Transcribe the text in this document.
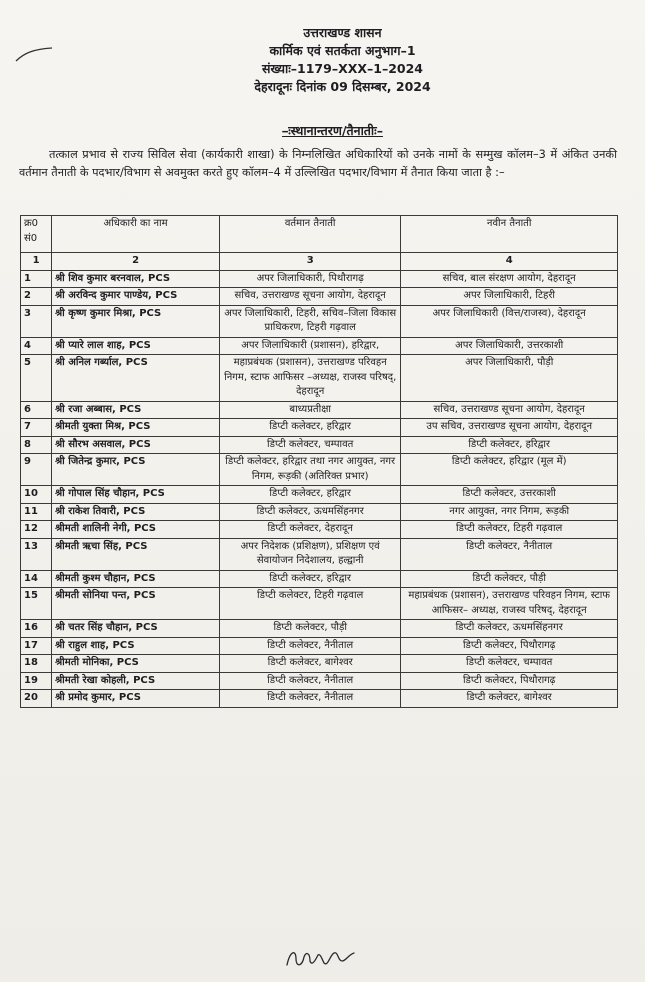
उत्तराखण्ड शासन
कार्मिक एवं सतर्कता अनुभाग–1
संख्याः–1179–XXX–1–2024
देहरादूनः दिनांक 09 दिसम्बर, 2024
–ःस्थानान्तरण/तैनातीः–
तत्काल प्रभाव से राज्य सिविल सेवा (कार्यकारी शाखा) के निम्नलिखित अधिकारियों को उनके नामों के सम्मुख कॉलम–3 में अंकित उनकी वर्तमान तैनाती के पदभार/विभाग से अवमुक्त करते हुए कॉलम–4 में उल्लिखित पदभार/विभाग में तैनात किया जाता है :–
क्र0 सं0	अधिकारी का नाम	वर्तमान तैनाती	नवीन तैनाती
1	2	3	4
1	श्री शिव कुमार बरनवाल, PCS	अपर जिलाधिकारी, पिथौरागढ़	सचिव, बाल संरक्षण आयोग, देहरादून
2	श्री अरविन्द कुमार पाण्डेय, PCS	सचिव, उत्तराखण्ड सूचना आयोग, देहरादून	अपर जिलाधिकारी, टिहरी
3	श्री कृष्ण कुमार मिश्रा, PCS	अपर जिलाधिकारी, टिहरी, सचिव–जिला विकास प्राधिकरण, टिहरी गढ़वाल	अपर जिलाधिकारी (वित्त/राजस्व), देहरादून
4	श्री प्यारे लाल शाह, PCS	अपर जिलाधिकारी (प्रशासन), हरिद्वार,	अपर जिलाधिकारी, उत्तरकाशी
5	श्री अनिल गर्ब्याल, PCS	महाप्रबंधक (प्रशासन), उत्तराखण्ड परिवहन निगम, स्टाफ आफिसर –अध्यक्ष, राजस्व परिषद्, देहरादून	अपर जिलाधिकारी, पौड़ी
6	श्री रजा अब्बास, PCS	बाध्यप्रतीक्षा	सचिव, उत्तराखण्ड सूचना आयोग, देहरादून
7	श्रीमती युक्ता मिश्र, PCS	डिप्टी कलेक्टर, हरिद्वार	उप सचिव, उत्तराखण्ड सूचना आयोग, देहरादून
8	श्री सौरभ असवाल, PCS	डिप्टी कलेक्टर, चम्पावत	डिप्टी कलेक्टर, हरिद्वार
9	श्री जितेन्द्र कुमार, PCS	डिप्टी कलेक्टर, हरिद्वार तथा नगर आयुक्त, नगर निगम, रूड़की (अतिरिक्त प्रभार)	डिप्टी कलेक्टर, हरिद्वार (मूल में)
10	श्री गोपाल सिंह चौहान, PCS	डिप्टी कलेक्टर, हरिद्वार	डिप्टी कलेक्टर, उत्तरकाशी
11	श्री राकेश तिवारी, PCS	डिप्टी कलेक्टर, ऊधमसिंहनगर	नगर आयुक्त, नगर निगम, रूड़की
12	श्रीमती शालिनी नेगी, PCS	डिप्टी कलेक्टर, देहरादून	डिप्टी कलेक्टर, टिहरी गढ़वाल
13	श्रीमती ऋचा सिंह, PCS	अपर निदेशक (प्रशिक्षण), प्रशिक्षण एवं सेवायोजन निदेशालय, हल्द्वानी	डिप्टी कलेक्टर, नैनीताल
14	श्रीमती कुश्म चौहान, PCS	डिप्टी कलेक्टर, हरिद्वार	डिप्टी कलेक्टर, पौड़ी
15	श्रीमती सोनिया पन्त, PCS	डिप्टी कलेक्टर, टिहरी गढ़वाल	महाप्रबंधक (प्रशासन), उत्तराखण्ड परिवहन निगम, स्टाफ आफिसर– अध्यक्ष, राजस्व परिषद्, देहरादून
16	श्री चतर सिंह चौहान, PCS	डिप्टी कलेक्टर, पौड़ी	डिप्टी कलेक्टर, ऊधमसिंहनगर
17	श्री राहुल शाह, PCS	डिप्टी कलेक्टर, नैनीताल	डिप्टी कलेक्टर, पिथौरागढ़
18	श्रीमती मोनिका, PCS	डिप्टी कलेक्टर, बागेश्वर	डिप्टी कलेक्टर, चम्पावत
19	श्रीमती रेखा कोहली, PCS	डिप्टी कलेक्टर, नैनीताल	डिप्टी कलेक्टर, पिथौरागढ़
20	श्री प्रमोद कुमार, PCS	डिप्टी कलेक्टर, नैनीताल	डिप्टी कलेक्टर, बागेश्वर
